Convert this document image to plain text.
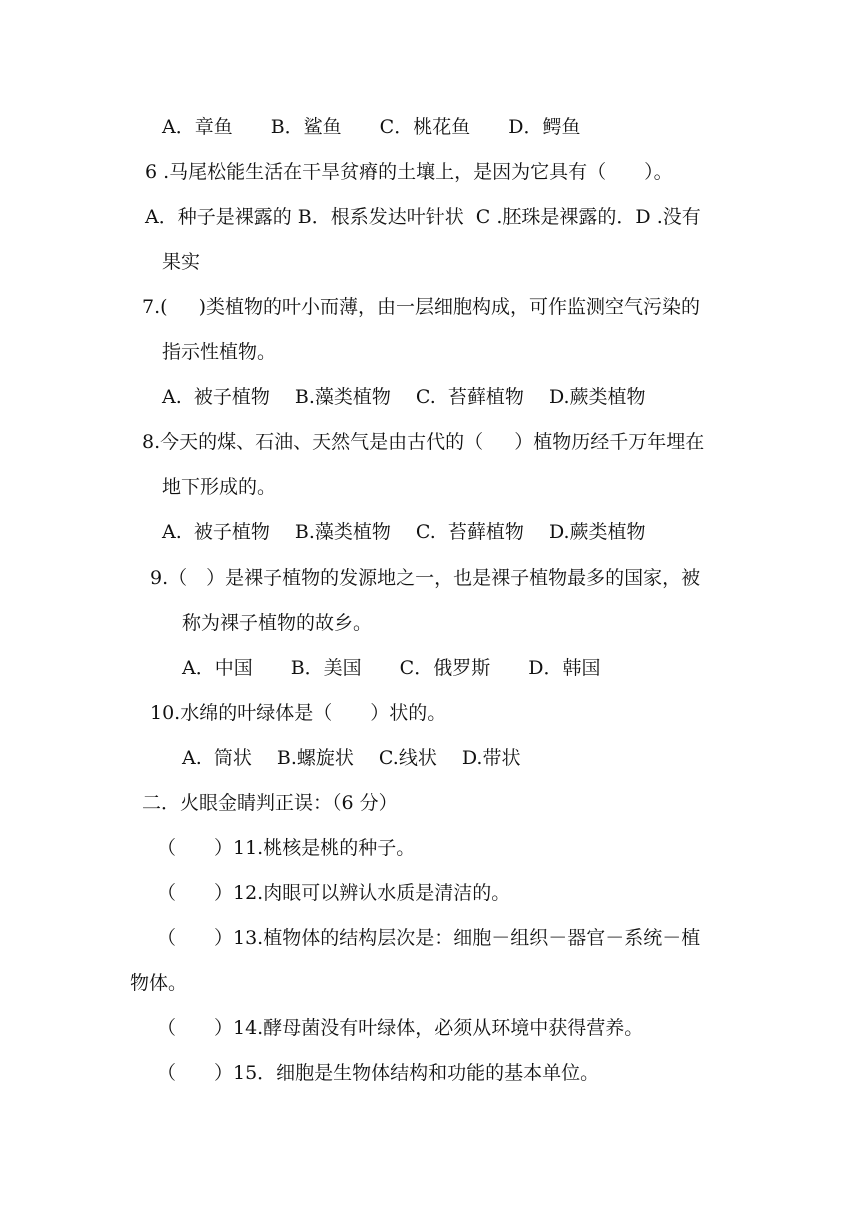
A．章鱼　　B．鲨鱼　　C．桃花鱼　　D．鳄鱼
6 .马尾松能生活在干旱贫瘠的土壤上，是因为它具有（　　）。
A．种子是裸露的 B．根系发达叶针状  C .胚珠是裸露的．D .没有
果实
7.(　  )类植物的叶小而薄，由一层细胞构成，可作监测空气污染的
指示性植物。
A.  被子植物　 B.藻类植物　 C.  苔藓植物　 D.蕨类植物
8.今天的煤、石油、天然气是由古代的（　  ）植物历经千万年埋在
地下形成的。
A.  被子植物　 B.藻类植物　 C.  苔藓植物　 D.蕨类植物
9.（　）是裸子植物的发源地之一，也是裸子植物最多的国家，被
称为裸子植物的故乡。
A．中国　　B．美国　　C．俄罗斯　　D．韩国
10.水绵的叶绿体是（　　）状的。
A.  筒状　 B.螺旋状　 C.线状　 D.带状
二．火眼金睛判正误：（6 分）
（　　）11.桃核是桃的种子。
（　　）12.肉眼可以辨认水质是清洁的。
（　　）13.植物体的结构层次是：细胞－组织－器官－系统－植
物体。
（　　）14.酵母菌没有叶绿体，必须从环境中获得营养。
（　　）15．细胞是生物体结构和功能的基本单位。
